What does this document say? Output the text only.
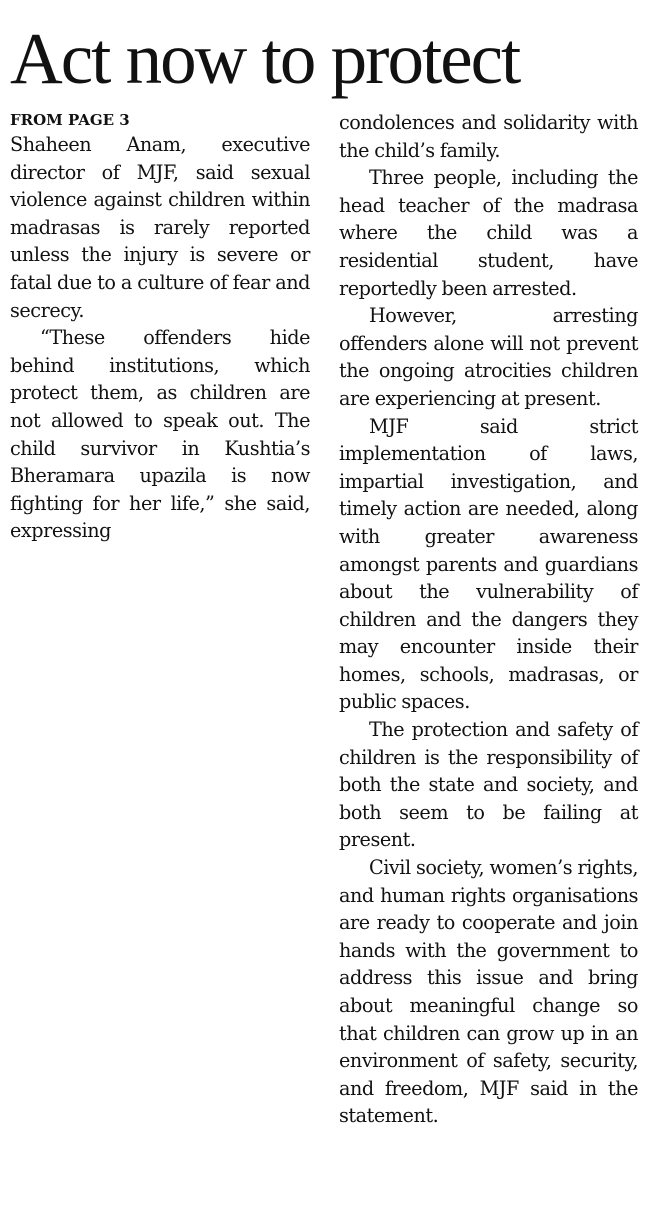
Act now to protect

FROM PAGE 3

Shaheen Anam, executive director of MJF, said sexual violence against children within madrasas is rarely reported unless the injury is severe or fatal due to a culture of fear and secrecy.

“These offenders hide behind institutions, which protect them, as children are not allowed to speak out. The child survivor in Kushtia’s Bheramara upazila is now fighting for her life,” she said, expressing

condolences and solidarity with the child’s family.

Three people, including the head teacher of the madrasa where the child was a residential student, have reportedly been arrested.

However, arresting offenders alone will not prevent the ongoing atrocities children are experiencing at present.

MJF said strict implementation of laws, impartial investigation, and timely action are needed, along with greater awareness amongst parents and guardians about the vulnerability of children and the dangers they may encounter inside their homes, schools, madrasas, or public spaces.

The protection and safety of children is the responsibility of both the state and society, and both seem to be failing at present.

Civil society, women’s rights, and human rights organisations are ready to cooperate and join hands with the government to address this issue and bring about meaningful change so that children can grow up in an environment of safety, security, and freedom, MJF said in the statement.
